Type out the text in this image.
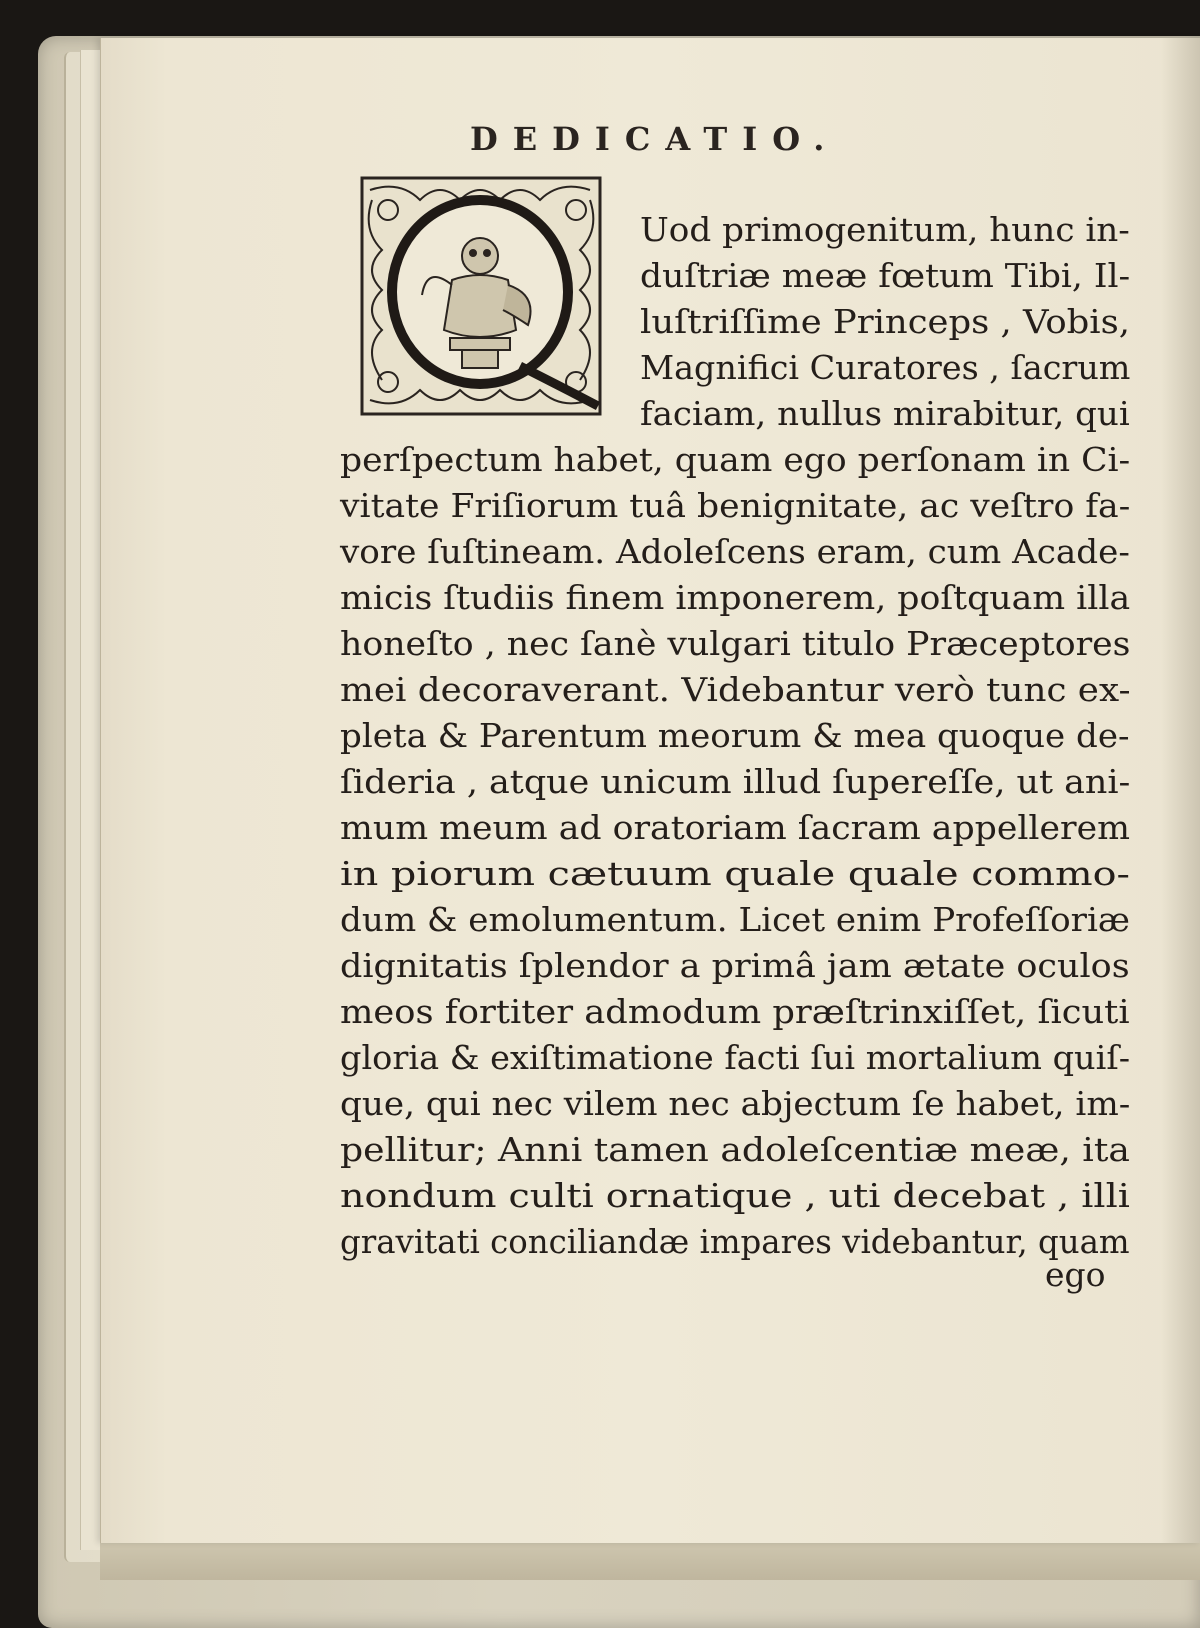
DEDICATIO.
Uod primogenitum, hunc in-
duſtriæ meæ fœtum Tibi, Il-
luſtriſſime Princeps , Vobis,
Magnifici Curatores , ſacrum
faciam, nullus mirabitur, qui
perſpectum habet, quam ego perſonam in Ci-
vitate Friſiorum tuâ benignitate, ac veſtro fa-
vore ſuſtineam. Adoleſcens eram, cum Acade-
micis ſtudiis finem imponerem, poſtquam illa
honeſto , nec ſanè vulgari titulo Præceptores
mei decoraverant. Videbantur verò tunc ex-
pleta & Parentum meorum & mea quoque de-
ſideria , atque unicum illud ſupereſſe, ut ani-
mum meum ad oratoriam ſacram appellerem
in piorum cætuum quale quale commo-
dum & emolumentum. Licet enim Profeſſoriæ
dignitatis ſplendor a primâ jam ætate oculos
meos fortiter admodum præſtrinxiſſet, ſicuti
gloria & exiſtimatione facti ſui mortalium quiſ-
que, qui nec vilem nec abjectum ſe habet, im-
pellitur; Anni tamen adoleſcentiæ meæ, ita
nondum culti ornatique , uti decebat , illi
gravitati conciliandæ impares videbantur, quam
ego
